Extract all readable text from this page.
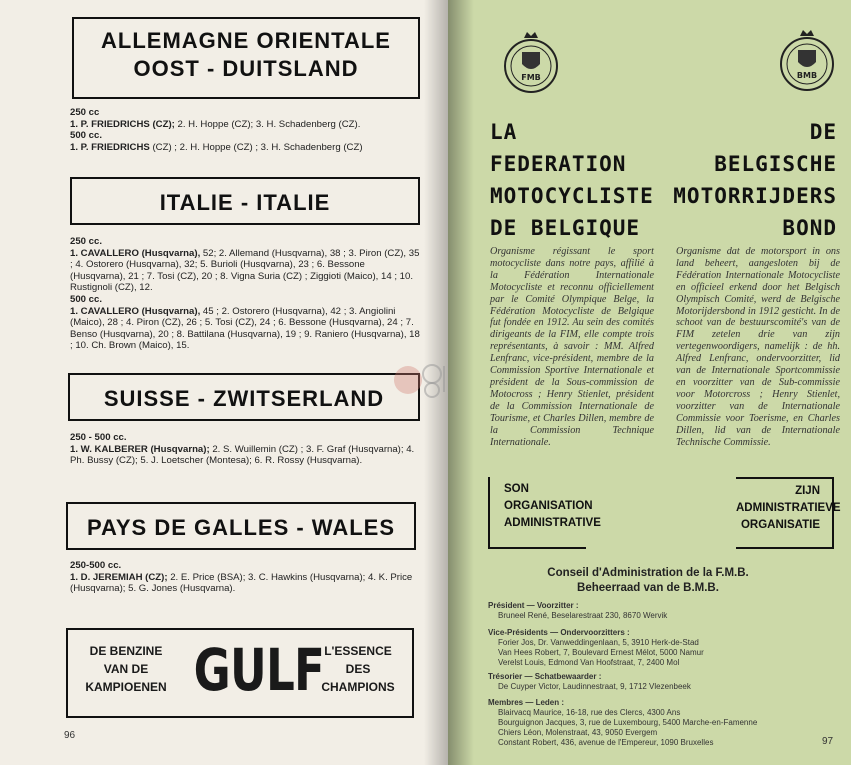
ALLEMAGNE ORIENTALE
OOST - DUITSLAND
250 cc
1. P. FRIEDRICHS (CZ); 2. H. Hoppe (CZ); 3. H. Schadenberg (CZ).
500 cc.
1. P. FRIEDRICHS (CZ) ; 2. H. Hoppe (CZ) ; 3. H. Schadenberg (CZ)
ITALIE - ITALIE
250 cc.
1. CAVALLERO (Husqvarna), 52; 2. Allemand (Husqvarna), 38 ; 3. Piron (CZ), 35 ; 4. Ostorero (Husqvarna), 32; 5. Burioli (Husqvarna), 23 ; 6. Bessone (Husqvarna), 21 ; 7. Tosi (CZ), 20 ; 8. Vigna Suria (CZ) ; Ziggioti (Maico), 14 ; 10. Rustignoli (CZ), 12.
500 cc.
1. CAVALLERO (Husqvarna), 45 ; 2. Ostorero (Husqvarna), 42 ; 3. Angiolini (Maico), 28 ; 4. Piron (CZ), 26 ; 5. Tosi (CZ), 24 ; 6. Bessone (Husqvarna), 24 ; 7. Benso (Husqvarna), 20 ; 8. Battilana (Husqvarna), 19 ; 9. Raniero (Husqvarna), 18 ; 10. Ch. Brown (Maico), 15.
SUISSE - ZWITSERLAND
250 - 500 cc.
1. W. KALBERER (Husqvarna); 2. S. Wuillemin (CZ) ; 3. F. Graf (Husqvarna); 4. Ph. Bussy (CZ); 5. J. Loetscher (Montesa); 6. R. Rossy (Husqvarna).
PAYS DE GALLES - WALES
250-500 cc.
1. D. JEREMIAH (CZ); 2. E. Price (BSA); 3. C. Hawkins (Husqvarna); 4. K. Price (Husqvarna); 5. G. Jones (Husqvarna).
DE BENZINE
VAN DE
KAMPIOENEN GULF L'ESSENCE
DES
CHAMPIONS
96
FMB	BMB
LA
FEDERATION
MOTOCYCLISTE
DE BELGIQUE
DE
BELGISCHE
MOTORRIJDERS
BOND
Organisme régissant le sport motocycliste dans notre pays, affilié à la Fédération Internationale Motocycliste et reconnu officiellement par le Comité Olympique Belge, la Fédération Motocycliste de Belgique fut fondée en 1912. Au sein des comités dirigeants de la FIM, elle compte trois représentants, à savoir : MM. Alfred Lenfranc, vice-président, membre de la Commission Sportive Internationale et président de la Sous-commission de Motocross ; Henry Stienlet, président de la Commission Internationale de Tourisme, et Charles Dillen, membre de la Commission Technique Internationale.
Organisme dat de motorsport in ons land beheert, aangesloten bij de Fédération Internationale Motocycliste en officieel erkend door het Belgisch Olympisch Comité, werd de Belgische Motorijdersbond in 1912 gesticht. In de schoot van de bestuurscomité's van de FIM zetelen drie van zijn vertegenwoordigers, namelijk : de hh. Alfred Lenfranc, ondervoorzitter, lid van de Internationale Sportcommissie en voorzitter van de Sub-commissie voor Motorcross ; Henry Stienlet, voorzitter van de Internationale Commissie voor Toerisme, en Charles Dillen, lid van de Internationale Technische Commissie.
SON
ORGANISATION
ADMINISTRATIVE
ZIJN
ADMINISTRATIEVE
ORGANISATIE
Conseil d'Administration de la F.M.B.
Beheerraad van de B.M.B.
Président — Voorzitter :
Bruneel René, Beselarestraat 230, 8670 Wervik
Vice-Présidents — Ondervoorzitters :
Forier Jos, Dr. Vanweddingenlaan, 5, 3910 Herk-de-Stad
Van Hees Robert, 7, Boulevard Ernest Mélot, 5000 Namur
Verelst Louis, Edmond Van Hoofstraat, 7, 2400 Mol
Trésorier — Schatbewaarder :
De Cuyper Victor, Laudinnestraat, 9, 1712 Vlezenbeek
Membres — Leden :
Blairvacq Maurice, 16-18, rue des Clercs, 4300 Ans
Bourguignon Jacques, 3, rue de Luxembourg, 5400 Marche-en-Famenne
Chiers Léon, Molenstraat, 43, 9050 Evergem
Constant Robert, 436, avenue de l'Empereur, 1090 Bruxelles	97
